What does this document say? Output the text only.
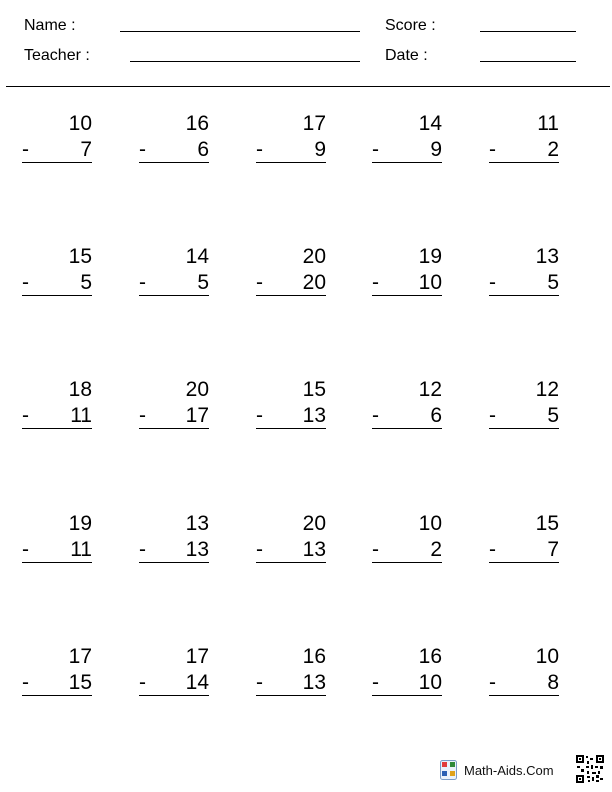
Name :
Teacher :
Score :
Date :
10
- 7
16
- 6
17
- 9
14
- 9
11
- 2
15
- 5
14
- 5
20
- 20
19
- 10
13
- 5
18
- 11
20
- 17
15
- 13
12
- 6
12
- 5
19
- 11
13
- 13
20
- 13
10
- 2
15
- 7
17
- 15
17
- 14
16
- 13
16
- 10
10
- 8
Math-Aids.Com
